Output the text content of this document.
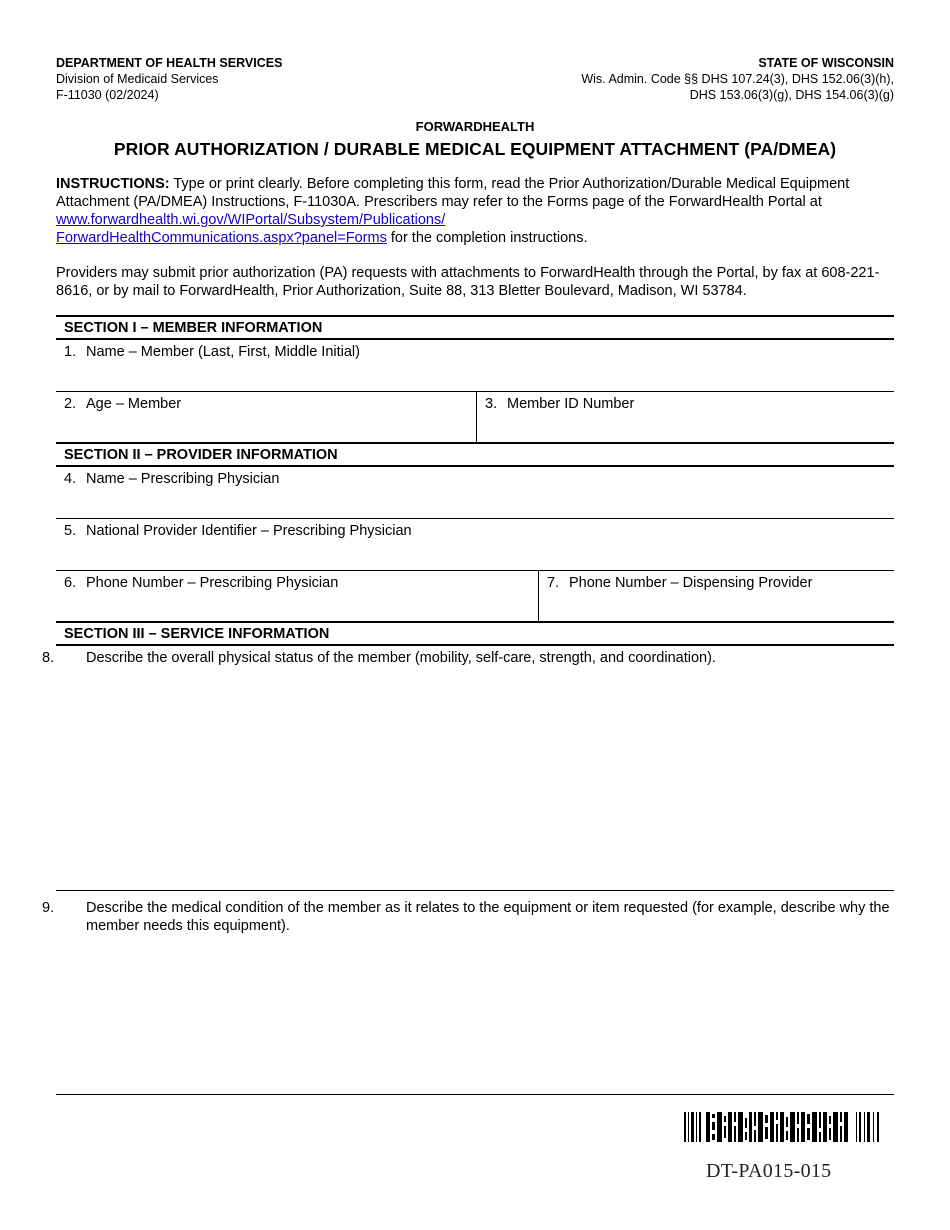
DEPARTMENT OF HEALTH SERVICES
Division of Medicaid Services
F-11030 (02/2024)
STATE OF WISCONSIN
Wis. Admin. Code §§ DHS 107.24(3), DHS 152.06(3)(h),
DHS 153.06(3)(g), DHS 154.06(3)(g)
FORWARDHEALTH
PRIOR AUTHORIZATION / DURABLE MEDICAL EQUIPMENT ATTACHMENT (PA/DMEA)
INSTRUCTIONS: Type or print clearly. Before completing this form, read the Prior Authorization/Durable Medical Equipment Attachment (PA/DMEA) Instructions, F-11030A. Prescribers may refer to the Forms page of the ForwardHealth Portal at www.forwardhealth.wi.gov/WIPortal/Subsystem/Publications/
ForwardHealthCommunications.aspx?panel=Forms for the completion instructions.
Providers may submit prior authorization (PA) requests with attachments to ForwardHealth through the Portal, by fax at 608-221-8616, or by mail to ForwardHealth, Prior Authorization, Suite 88, 313 Bletter Boulevard, Madison, WI 53784.
SECTION I – MEMBER INFORMATION
1. Name – Member (Last, First, Middle Initial)
2. Age – Member	3. Member ID Number
SECTION II – PROVIDER INFORMATION
4. Name – Prescribing Physician
5. National Provider Identifier – Prescribing Physician
6. Phone Number – Prescribing Physician	7. Phone Number – Dispensing Provider
SECTION III – SERVICE INFORMATION
8. Describe the overall physical status of the member (mobility, self-care, strength, and coordination).
9. Describe the medical condition of the member as it relates to the equipment or item requested (for example, describe why the member needs this equipment).
DT-PA015-015
